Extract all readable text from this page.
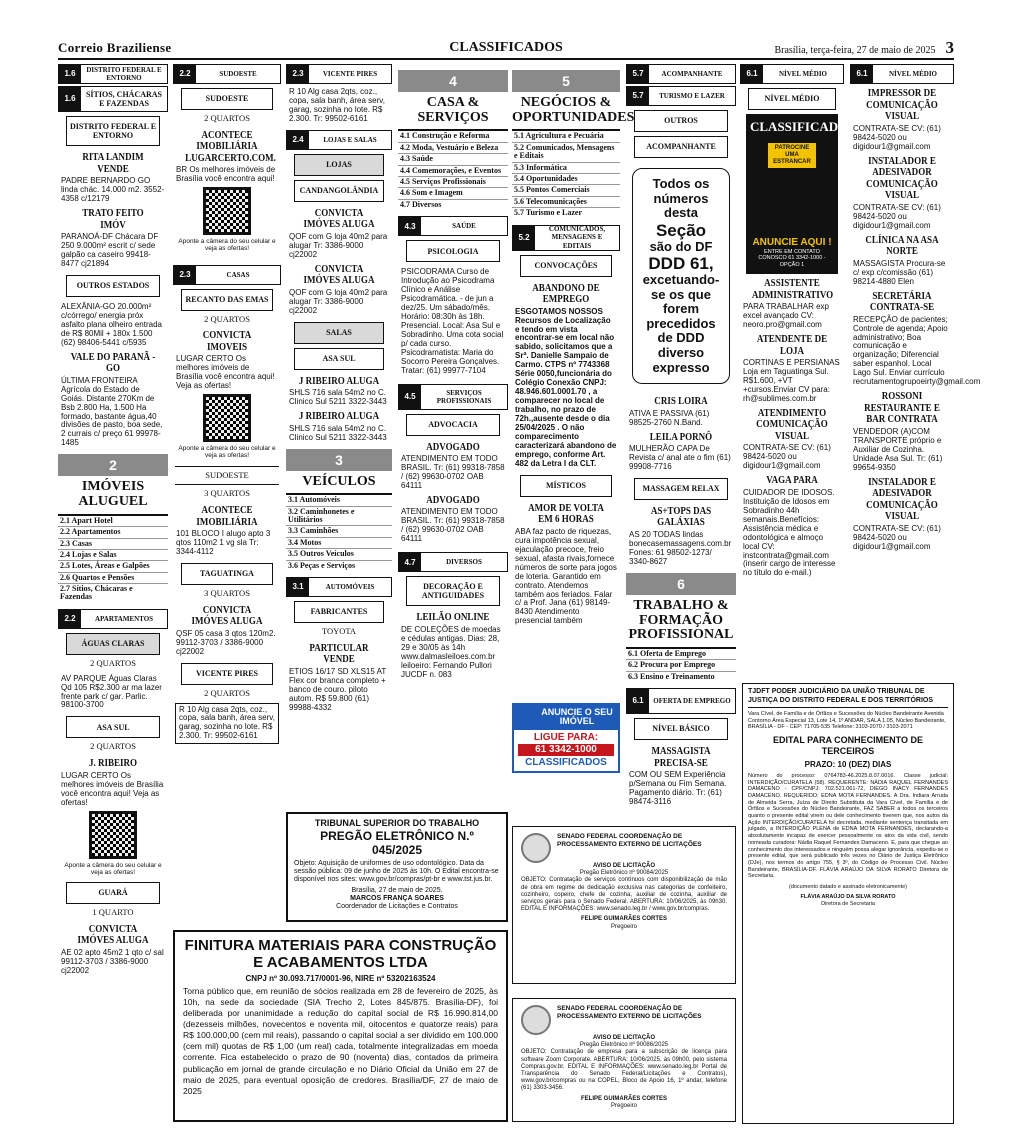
Correio Braziliense	CLASSIFICADOS	Brasília, terça-feira, 27 de maio de 2025 3
1.6	DISTRITO FEDERAL E ENTORNO
1.6
SÍTIOS, CHÁCARAS E FAZENDAS
DISTRITO FEDERAL E ENTORNO
RITA LANDIM VENDE
PADRE BERNARDO GO linda chác. 14.000 m2. 3552-4358 c/12179
TRATO FEITO IMÓV
PARANOÁ-DF Chácara DF 250 9.000m² escrit c/ sede galpão ca caseiro 99418-8477 cj21894
OUTROS ESTADOS
ALEXÂNIA-GO 20.000m² c/córrego/ energia próx asfalto plana olheiro entrada de R$ 80Mil + 180x 1.500 (62) 98406-5441 c/5935
VALE DO PARANÃ - GO
ÚLTIMA FRONTEIRA Agrícola do Estado de Goiás. Distante 270Km de Bsb 2.800 Ha, 1.500 Ha formado, bastante água,40 divisões de pasto, boa sede, 2 currais c/ preço 61 99978-1485
2
IMÓVEIS ALUGUEL
2.1 Apart Hotel
2.2 Apartamentos
2.3 Casas
2.4 Lojas e Salas
2.5 Lotes, Áreas e Galpões
2.6 Quartos e Pensões
2.7 Sítios, Chácaras e Fazendas
2.2	APARTAMENTOS
ÁGUAS CLARAS
2 QUARTOS
AV PARQUE Águas Claras Qd 105 R$2.300 ar ma lazer frente park c/ gar. Parlic. 98100-3700
ASA SUL
2 QUARTOS
J. RIBEIRO
LUGAR CERTO Os melhores imóveis de Brasília você encontra aqui! Veja as ofertas!
Aponte a câmera do seu celular e veja as ofertas!
GUARÁ
1 QUARTO
CONVICTA IMÓVES ALUGA
AE 02 apto 45m2 1 qto c/ sal 99112-3703 / 3386-9000 cj22002
2.2	SUDOESTE
SUDOESTE
2 QUARTOS
ACONTECE IMOBILIÁRIA LUGARCERTO.COM.
BR Os melhores imóveis de Brasília você encontra aqui!
Aponte a câmera do seu celular e veja as ofertas!
2.3	CASAS
RECANTO DAS EMAS
2 QUARTOS
CONVICTA IMOVEIS
LUGAR CERTO Os melhores imóveis de Brasília você encontra aqui! Veja as ofertas!
Aponte a câmera do seu celular e veja as ofertas!
SUDOESTE
3 QUARTOS
ACONTECE IMOBILIÁRIA
101 BLOCO I alugo apto 3 qtos 110m2 1 vg sla Tr: 3344-4112
TAGUATINGA
3 QUARTOS
CONVICTA IMÓVES ALUGA
QSF 05 casa 3 qtos 120m2. 99112-3703 / 3386-9000 cj22002
VICENTE PIRES
2 QUARTOS
R 10 Alg casa 2qts, coz., copa, sala banh, área serv, garag, sozinha no lote. R$ 2.300. Tr: 99502-6161
2.3	VICENTE PIRES
R 10 Alg casa 2qts, coz., copa, sala banh, área serv, garag, sozinha no lote. R$ 2.300. Tr: 99502-6161
2.4	LOJAS E SALAS
LOJAS
CANDANGOLÂNDIA
CONVICTA IMÓVES ALUGA
QOF com G loja 40m2 para alugar Tr: 3386-9000 cj22002
CONVICTA IMÓVES ALUGA
QOF com G loja 40m2 para alugar Tr: 3386-9000 cj22002
SALAS
ASA SUL
J RIBEIRO ALUGA
SHLS 716 sala 54m2 no C. Clinico Sul 5211 3322-3443
J RIBEIRO ALUGA
SHLS 716 sala 54m2 no C. Clinico Sul 5211 3322-3443
3
VEÍCULOS
3.1 Automóveis
3.2 Caminhonetes e Utilitários
3.3 Caminhões
3.4 Motos
3.5 Outros Veículos
3.6 Peças e Serviços
3.1	AUTOMÓVEIS
FABRICANTES
TOYOTA
PARTICULAR VENDE
ETIOS 16/17 SD XLS15 AT Flex cor branca completo + banco de couro. piloto autom. R$ 59.800 (61) 99988-4332
4
CASA & SERVIÇOS
4.1 Construção e Reforma
4.2 Moda, Vestuário e Beleza
4.3 Saúde
4.4 Comemorações, e Eventos
4.5 Serviços Profissionais
4.6 Som e Imagem
4.7 Diversos
4.3	SAÚDE
PSICOLOGIA
PSICODRAMA Curso de Introdução ao Psicodrama Clínico e Análise Psicodramática. - de jun a dez/25. Um sábado/mês. Horário: 08:30h às 18h. Presencial. Local: Asa Sul e Sobradinho. Uma cota social p/ cada curso. Psicodramatista: Maria do Socorro Pereira Gonçalves. Tratar: (61) 99977-7104
4.5	SERVIÇOS PROFISSIONAIS
ADVOCACIA
ADVOGADO
ATENDIMENTO EM TODO BRASIL. Tr: (61) 99318-7858 / (62) 99630-0702 OAB 64111
ADVOGADO
ATENDIMENTO EM TODO BRASIL. Tr: (61) 99318-7858 / (62) 99630-0702 OAB 64111
4.7	DIVERSOS
DECORAÇÃO E ANTIGUIDADES
LEILÃO ONLINE
DE COLEÇÕES de moedas e cédulas antigas. Dias: 28, 29 e 30/05 às 14h www.dalmasleiloes.com.br leiloeiro: Fernando Pullori JUCDF n. 083
5
NEGÓCIOS & OPORTUNIDADES
5.1 Agricultura e Pecuária
5.2 Comunicados, Mensagens e Editais
5.3 Informática
5.4 Oportunidades
5.5 Pontos Comerciais
5.6 Telecomunicações
5.7 Turismo e Lazer
5.2
COMUNICADOS, MENSAGENS E EDITAIS
CONVOCAÇÕES
ABANDONO DE EMPREGO
ESGOTAMOS NOSSOS Recursos de Localização e tendo em vista encontrar-se em local não sabido, solicitamos que a Srª. Danielle Sampaio de Carmo. CTPS nº 7743368 Série 0050,funcionária do Colégio Conexão CNPJ: 48.946.601.0001.70 , a comparecer no local de trabalho, no prazo de 72h.,ausente desde o dia 25/04/2025 . O não comparecimento caracterizará abandono de emprego, conforme Art. 482 da Letra I da CLT.
MÍSTICOS
AMOR DE VOLTA EM 6 HORAS
ABA faz pacto de riquezas, cura impotência sexual, ejaculação precoce, freio sexual, afasta rivais,fornece números de sorte para jogos de loteria. Garantido em contrato. Atendemos também aos feriados. Falar c/ a Prof. Jana (61) 98149-8430 Atendimento presencial também
ANUNCIE O SEU IMÓVEL
LIGUE PARA:
61 3342-1000
CLASSIFICADOS
5.7	ACOMPANHANTE
5.7	TURISMO E LAZER
OUTROS
ACOMPANHANTE
Todos os números desta
Seção
são do DF
DDD 61,
excetuando-se os que forem precedidos de DDD diverso expresso
CRIS LOIRA
ATIVA E PASSIVA (61) 98525-2760 N.Band.
LEILA PORNÔ
MULHERÃO CAPA De Revista c/ anal ate o fim (61) 99908-7716
MASSAGEM RELAX
AS+TOPS DAS GALÁXIAS
AS 20 TODAS lindas bonecasemassagens.com.br Fones: 61 98502-1273/ 3340-8627
6
TRABALHO & FORMAÇÃO PROFISSIONAL
6.1 Oferta de Emprego
6.2 Procura por Emprego
6.3 Ensino e Treinamento
6.1	OFERTA DE EMPREGO
NÍVEL BÁSICO
MASSAGISTA PRECISA-SE
COM OU SEM Experiência p/Semana ou Fim Semana. Pagamento diário. Tr: (61) 98474-3116
6.1	NÍVEL MÉDIO
NÍVEL MÉDIO
CLASSIFICADOS
PATROCINE UMA ESTRANCAR
ANUNCIE AQUI !
ENTRE EM CONTATO CONOSCO 61 3342-1000 - OPÇÃO 1
ASSISTENTE ADMINISTRATIVO
PARA TRABALHAR exp excel avançado CV: neoro.pro@gmail.com
ATENDENTE DE LOJA
CORTINAS E PERSIANAS Loja em Taguatinga Sul. R$1.600, +VT +cursos.Enviar CV para: rh@sublimes.com.br
ATENDIMENTO COMUNICAÇÃO VISUAL
CONTRATA-SE CV: (61) 98424-5020 ou digidour1@gmail.com
VAGA PARA
CUIDADOR DE IDOSOS. Instituição de Idosos em Sobradinho 44h semanais.Benefícios: Assistência médica e odontológica e almoço local CV: instcontrata@gmail.com (inserir cargo de interesse no título do e-mail.)
6.1	NÍVEL MÉDIO
IMPRESSOR DE COMUNICAÇÃO VISUAL
CONTRATA-SE CV: (61) 98424-5020 ou digidour1@gmail.com
INSTALADOR E ADESIVADOR COMUNICAÇÃO VISUAL
CONTRATA-SE CV: (61) 98424-5020 ou digidour1@gmail.com
CLÍNICA NA ASA NORTE
MASSAGISTA Procura-se c/ exp c/comissão (61) 98214-4880 Elen
SECRETÁRIA CONTRATA-SE
RECEPÇÃO de pacientes; Controle de agenda; Apoio administrativo; Boa comunicação e organização; Diferencial saber espanhol. Local Lago Sul. Enviar currículo recrutamentogrupoeirty@gmail.com
ROSSONI RESTAURANTE E BAR CONTRATA
VENDEDOR (A)COM TRANSPORTE próprio e Auxiliar de Cozinha. Unidade Asa Sul. Tr: (61) 99654-9350
INSTALADOR E ADESIVADOR COMUNICAÇÃO VISUAL
CONTRATA-SE CV: (61) 98424-5020 ou digidour1@gmail.com
TRIBUNAL SUPERIOR DO TRABALHO
PREGÃO ELETRÔNICO N.º 045/2025
Objeto: Aquisição de uniformes de uso odontológico. Data da sessão pública: 09 de junho de 2025 às 10h. O Edital encontra-se disponível nos sites: www.gov.br/compras/pt-br e www.tst.jus.br.
Brasília, 27 de maio de 2025.
MARCOS FRANÇA SOARES
Coordenador de Licitações e Contratos
FINITURA MATERIAIS PARA CONSTRUÇÃO E ACABAMENTOS LTDA
CNPJ nº 30.093.717/0001-96, NIRE nº 53202163524
Torna público que, em reunião de sócios realizada em 28 de fevereiro de 2025, às 10h, na sede da sociedade (SIA Trecho 2, Lotes 845/875. Brasília-DF), foi deliberada por unanimidade a redução do capital social de R$ 16.990.814,00 (dezesseis milhões, novecentos e noventa mil, oitocentos e quatorze reais) para R$ 100.000,00 (cem mil reais), passando o capital social a ser dividido em 100.000 (cem mil) quotas de R$ 1,00 (um real) cada, totalmente integralizadas em moeda corrente. Fica estabelecido o prazo de 90 (noventa) dias, contados da primeira publicação em jornal de grande circulação e no Diário Oficial da União em 27 de maio de 2025, para eventual oposição de credores. Brasília/DF, 27 de maio de 2025
SENADO FEDERAL COORDENAÇÃO DE PROCESSAMENTO EXTERNO DE LICITAÇÕES
AVISO DE LICITAÇÃO
Pregão Eletrônico nº 90084/2025
OBJETO: Contratação de serviços contínuos com disponibilização de mão de obra em regime de dedicação exclusiva nas categorias de confeiteiro, cozinheiro, copeiro, chefe de cozinha, auxiliar de cozinha, auxiliar de serviços gerais para o Senado Federal. ABERTURA: 10/06/2025, às 09h30. EDITAL E INFORMAÇÕES: www.senado.leg.br / www.gov.br/compras.
FELIPE GUIMARÃES CORTES
Pregoeiro
SENADO FEDERAL COORDENAÇÃO DE PROCESSAMENTO EXTERNO DE LICITAÇÕES
AVISO DE LICITAÇÃO
Pregão Eletrônico nº 90086/2025
OBJETO: Contratação de empresa para a subscrição de licença para software Zoom Corporate. ABERTURA: 10/06/2025, às 09h00, pelo sistema Compras.gov.br. EDITAL E INFORMAÇÕES: www.senado.leg.br Portal de Transparência do Senado Federal/Licitações e Contratos), www.gov.br/compras ou na COPEL, Bloco de Apoio 16, 1º andar, telefone (61) 3303-3456.
FELIPE GUIMARÃES CORTES
Pregoeiro
TJDFT PODER JUDICIÁRIO DA UNIÃO TRIBUNAL DE JUSTIÇA DO DISTRITO FEDERAL E DOS TERRITÓRIOS
Vara Cível, de Família e de Órfãos e Sucessões do Núcleo Bandeirante Avenida Contorno Área Especial 13, Lote 14, 1º ANDAR, SALA 1.05, Núcleo Bandeirante, BRASÍLIA - DF - CEP: 71705-535 Telefone: 3103-2070 / 3103-2071
EDITAL PARA CONHECIMENTO DE TERCEIROS
PRAZO: 10 (DEZ) DIAS
Número do processo: 0764783-46.2025.8.07.0016. Classe judicial: INTERDIÇÃO/CURATELA (58). REQUERENTE: NÁDIA RAQUEL FERNANDES DAMACENO - CPF/CNPJ: 702.521.061-72, DIEGO INACY FERNANDES DAMACENO. REQUERIDO: EDNA MOTA FERNANDES. A Dra. Indiara Arruda de Almeida Serra, Juíza de Direito Substituta da Vara Cível, de Família e de Órfãos e Sucessões do Núcleo Bandeirante, FAZ SABER a todos os terceiros quanto o presente edital virem ou dele conhecimento tiverem que, nos autos da Ação INTERDIÇÃO/CURATELA foi decretada, mediante sentença transitada em julgado, a INTERDIÇÃO PLENA de EDNA MOTA FERNANDES, declarando-a absolutamente incapaz de exercer pessoalmente os atos da vida civil, sendo nomeada curadora: Nádia Raquel Fernandes Damaceno. E, para que chegue ao conhecimento dos interessados e ninguém possa alegar ignorância, expediu-se o presente edital, que será publicado três vezes no Diário de Justiça Eletrônico (DJe), nos termos do artigo 755, § 3º, do Código de Processo Civil. Núcleo Bandeirante, BRASÍLIA-DF. FLÁVIA ARAÚJO DA SILVA RORATO Diretora de Secretaria.
(documento datado e assinado eletronicamente)
FLÁVIA ARAÚJO DA SILVA RORATO
Diretora de Secretaria
